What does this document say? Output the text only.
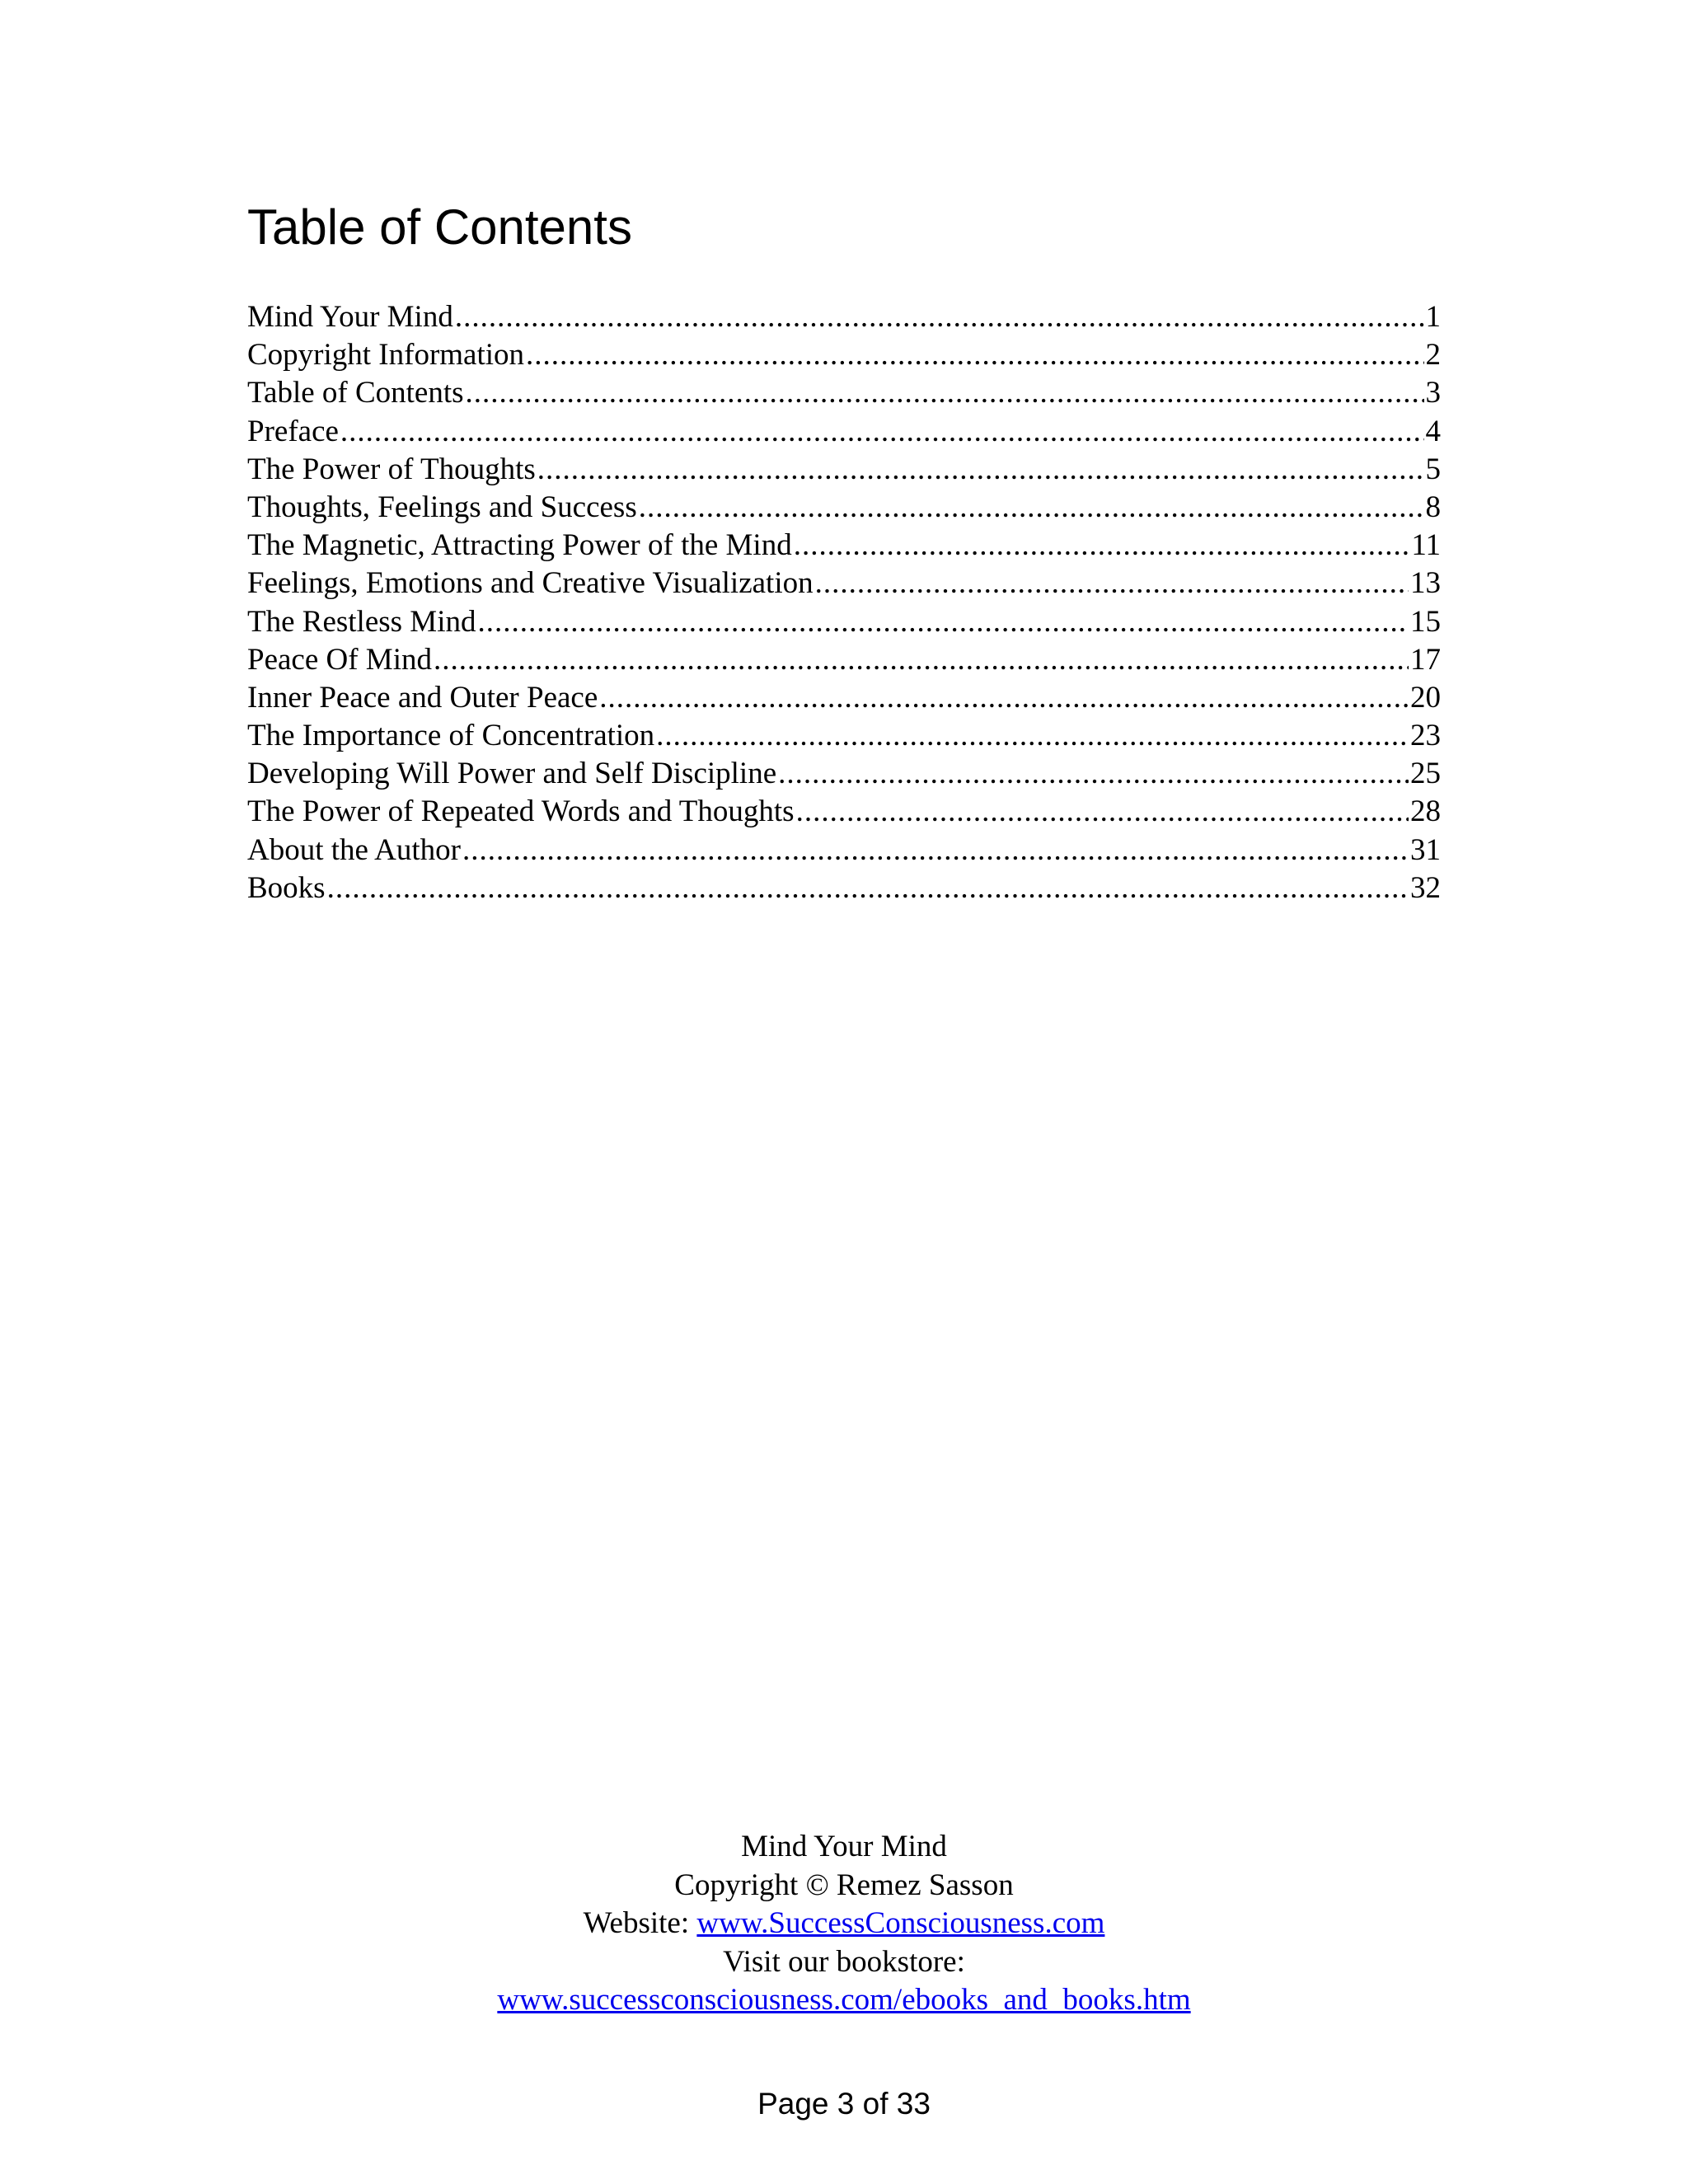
Table of Contents
Mind Your Mind .....	1
Copyright Information .....	2
Table of Contents .....	3
Preface .....	4
The Power of Thoughts .....	5
Thoughts, Feelings and Success .....	8
The Magnetic, Attracting Power of the Mind .....	11
Feelings, Emotions and Creative Visualization .....	13
The Restless Mind .....	15
Peace Of Mind .....	17
Inner Peace and Outer Peace .....	20
The Importance of Concentration .....	23
Developing Will Power and Self Discipline .....	25
The Power of Repeated Words and Thoughts .....	28
About the Author .....	31
Books .....	32
Mind Your Mind
Copyright © Remez Sasson
Website: www.SuccessConsciousness.com
Visit our bookstore:
www.successconsciousness.com/ebooks_and_books.htm
Page 3 of 33
